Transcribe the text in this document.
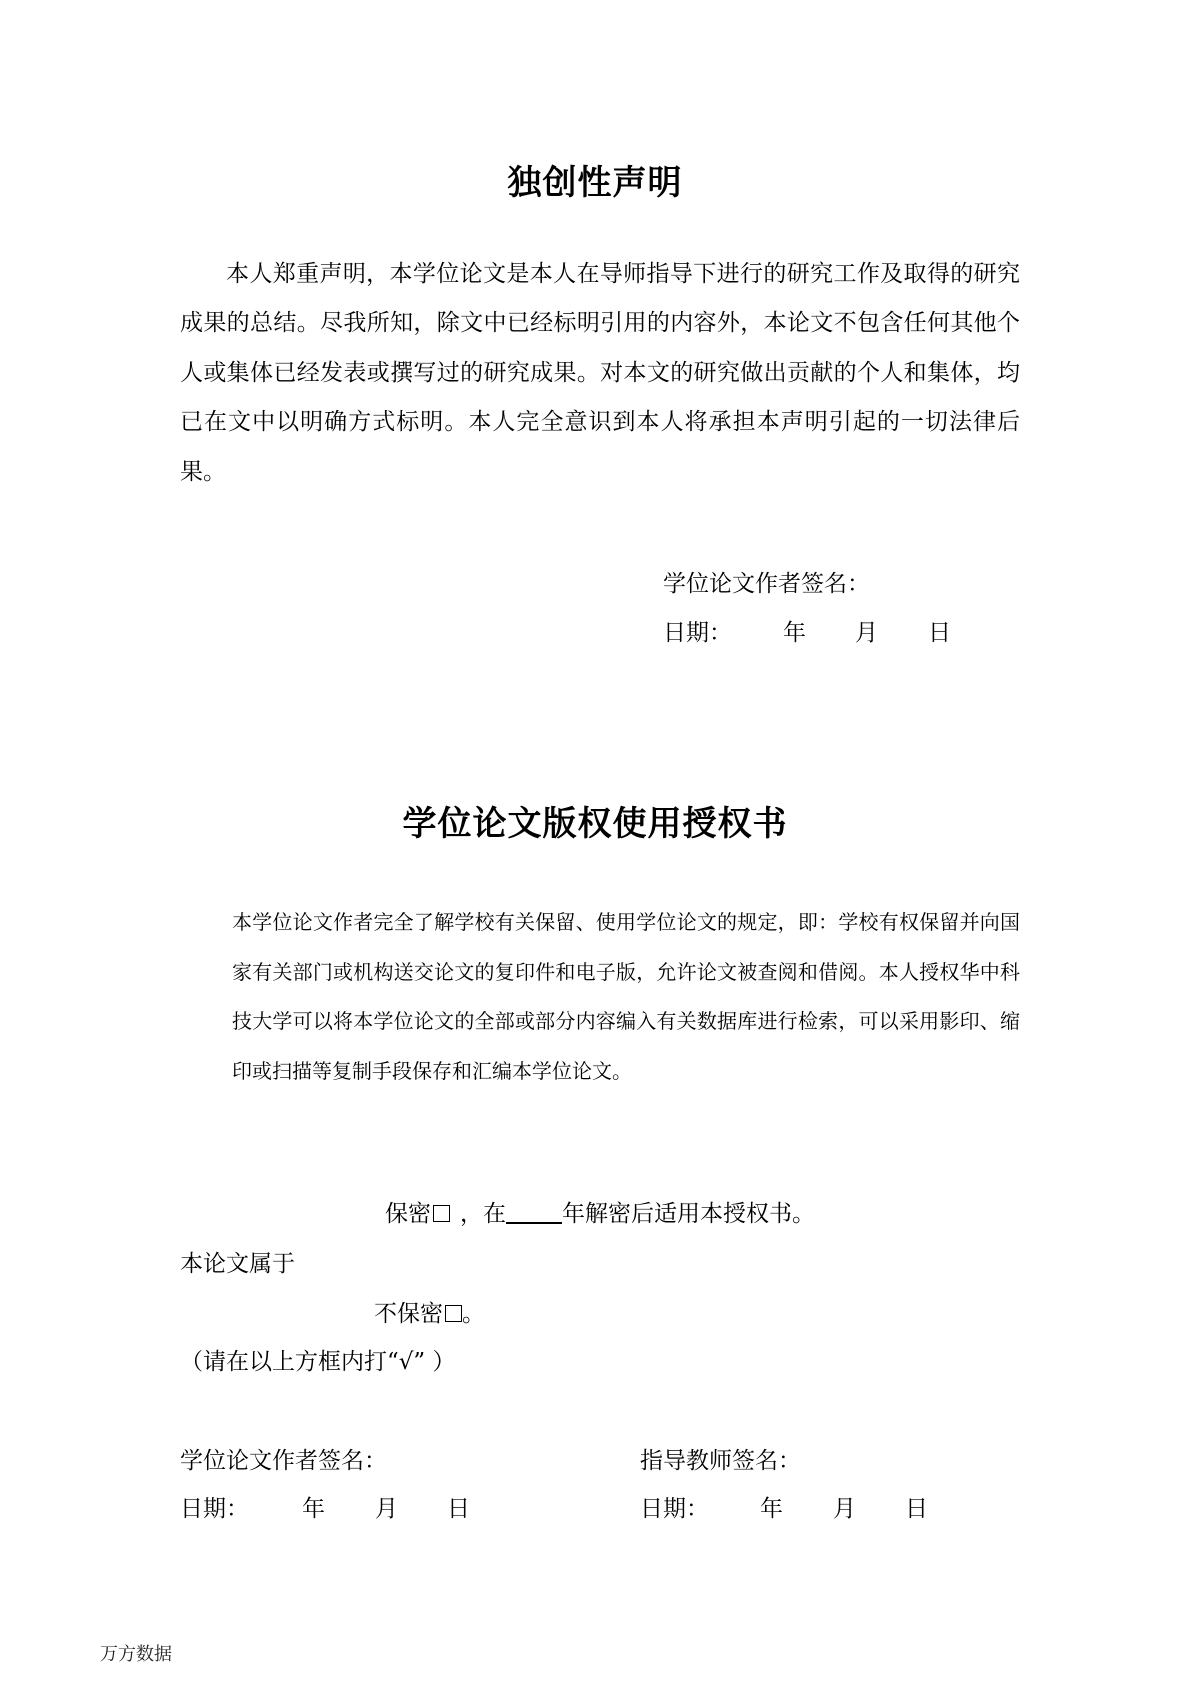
独创性声明
本人郑重声明，本学位论文是本人在导师指导下进行的研究工作及取得的研究成果的总结。尽我所知，除文中已经标明引用的内容外，本论文不包含任何其他个人或集体已经发表或撰写过的研究成果。对本文的研究做出贡献的个人和集体，均已在文中以明确方式标明。本人完全意识到本人将承担本声明引起的一切法律后果。
学位论文作者签名：
日期： 年 月 日
学位论文版权使用授权书
本学位论文作者完全了解学校有关保留、使用学位论文的规定，即：学校有权保留并向国家有关部门或机构送交论文的复印件和电子版，允许论文被查阅和借阅。本人授权华中科技大学可以将本学位论文的全部或部分内容编入有关数据库进行检索，可以采用影印、缩印或扫描等复制手段保存和汇编本学位论文。
保密 ，在 年解密后适用本授权书。
本论文属于
不保密 。
（请在以上方框内打“√” ）
学位论文作者签名：	指导教师签名：
日期： 年 月 日	日期： 年 月 日
万方数据
